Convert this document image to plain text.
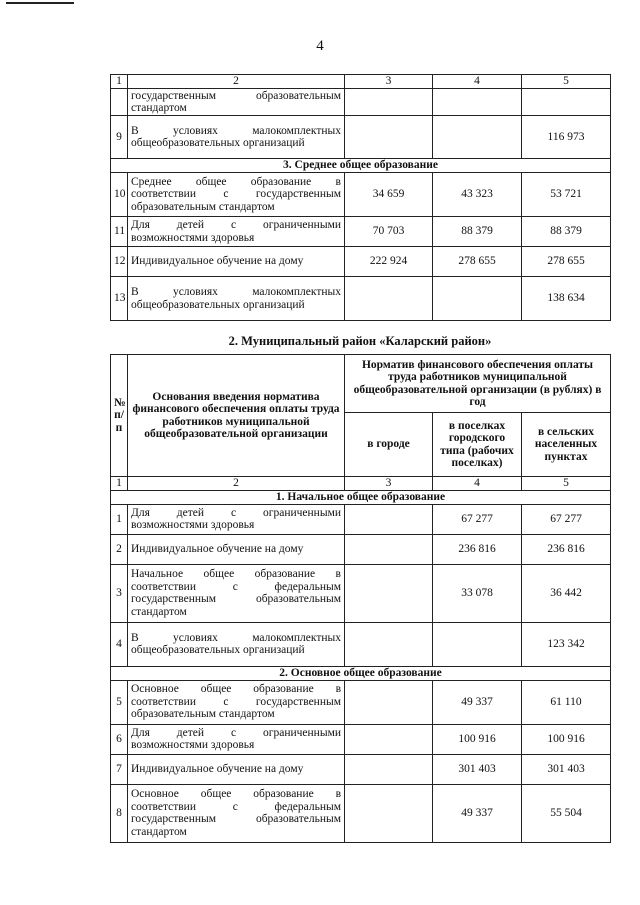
4
1	2	3	4	5
	государственным образовательным стандартом			
9	В условиях малокомплектных общеобразовательных организаций			116 973
3. Среднее общее образование				
10	Среднее общее образование в соответствии с государственным образовательным стандартом	34 659	43 323	53 721
11	Для детей с ограниченными возможностями здоровья	70 703	88 379	88 379
12	Индивидуальное обучение на дому	222 924	278 655	278 655
13	В условиях малокомплектных общеобразовательных организаций			138 634
2. Муниципальный район «Каларский район»
№ п/п	Основания введения норматива финансового обеспечения оплаты труда работников муниципальной общеобразовательной организации	Норматив финансового обеспечения оплаты труда работников муниципальной общеобразовательной организации (в рублях) в год		
		в городе	в поселках городского типа (рабочих поселках)	в сельских населенных пунктах
1	2	3	4	5
1. Начальное общее образование				
1	Для детей с ограниченными возможностями здоровья		67 277	67 277
2	Индивидуальное обучение на дому		236 816	236 816
3	Начальное общее образование в соответствии с федеральным государственным образовательным стандартом		33 078	36 442
4	В условиях малокомплектных общеобразовательных организаций			123 342
2. Основное общее образование				
5	Основное общее образование в соответствии с государственным образовательным стандартом		49 337	61 110
6	Для детей с ограниченными возможностями здоровья		100 916	100 916
7	Индивидуальное обучение на дому		301 403	301 403
8	Основное общее образование в соответствии с федеральным государственным образовательным стандартом		49 337	55 504
